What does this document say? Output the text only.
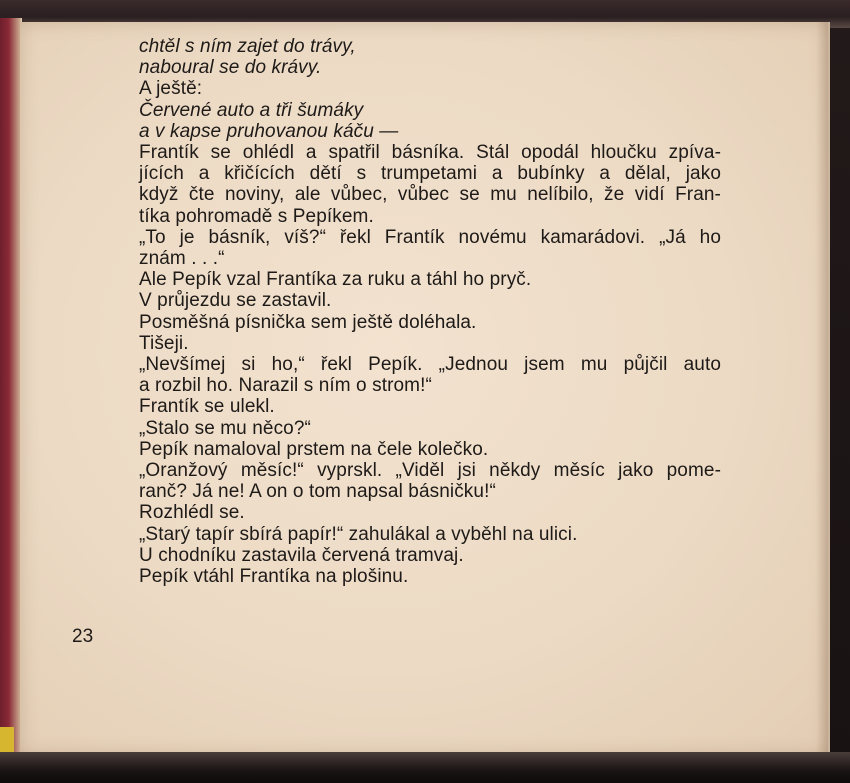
chtěl s ním zajet do trávy,
naboural se do krávy.
A ještě:
Červené auto a tři šumáky
a v kapse pruhovanou káču —
Frantík se ohlédl a spatřil básníka. Stál opodál hloučku zpíva-
jících a křičících dětí s trumpetami a bubínky a dělal, jako
když čte noviny, ale vůbec, vůbec se mu nelíbilo, že vidí Fran-
tíka pohromadě s Pepíkem.
„To je básník, víš?“ řekl Frantík novému kamarádovi. „Já ho
znám . . .“
Ale Pepík vzal Frantíka za ruku a táhl ho pryč.
V průjezdu se zastavil.
Posměšná písnička sem ještě doléhala.
Tišeji.
„Nevšímej si ho,“ řekl Pepík. „Jednou jsem mu půjčil auto
a rozbil ho. Narazil s ním o strom!“
Frantík se ulekl.
„Stalo se mu něco?“
Pepík namaloval prstem na čele kolečko.
„Oranžový měsíc!“ vyprskl. „Viděl jsi někdy měsíc jako pome-
ranč? Já ne! A on o tom napsal básničku!“
Rozhlédl se.
„Starý tapír sbírá papír!“ zahulákal a vyběhl na ulici.
U chodníku zastavila červená tramvaj.
Pepík vtáhl Frantíka na plošinu.
23
